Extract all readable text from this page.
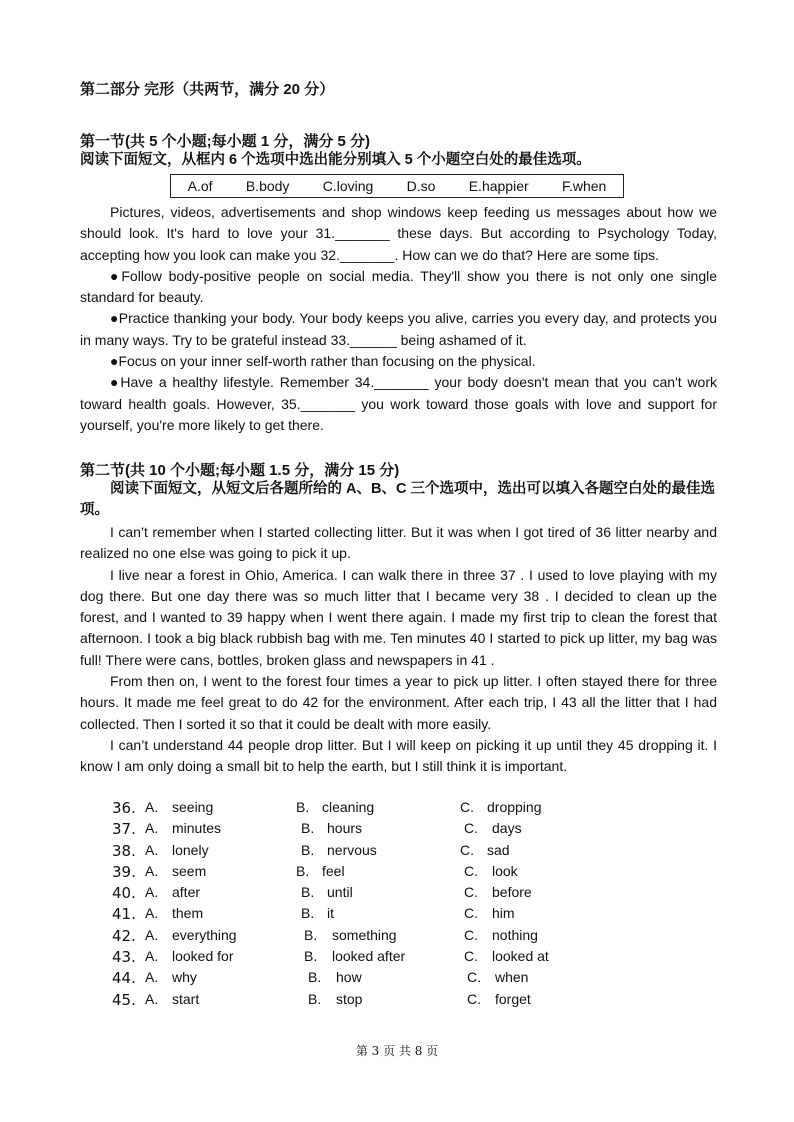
第二部分 完形（共两节，满分 20 分）
第一节(共 5 个小题;每小题 1 分，满分 5 分)
阅读下面短文，从框内 6 个选项中选出能分别填入 5 个小题空白处的最佳选项。
A.of B.body C.loving D.so E.happier F.when

Pictures, videos, advertisements and shop windows keep feeding us messages about how we should look. It's hard to love your 31._______ these days. But according to Psychology Today, accepting how you look can make you 32._______. How can we do that? Here are some tips.

●Follow body-positive people on social media. They'll show you there is not only one single standard for beauty.

●Practice thanking your body. Your body keeps you alive, carries you every day, and protects you in many ways. Try to be grateful instead 33.______ being ashamed of it.

●Focus on your inner self-worth rather than focusing on the physical.

●Have a healthy lifestyle. Remember 34._______ your body doesn't mean that you can't work toward health goals. However, 35._______ you work toward those goals with love and support for yourself, you're more likely to get there.

第二节(共 10 个小题;每小题 1.5 分，满分 15 分)
阅读下面短文，从短文后各题所给的 A、B、C 三个选项中，选出可以填入各题空白处的最佳选项。

I can’t remember when I started collecting litter. But it was when I got tired of 36 litter nearby and realized no one else was going to pick it up.

I live near a forest in Ohio, America. I can walk there in three 37 . I used to love playing with my dog there. But one day there was so much litter that I became very 38 . I decided to clean up the forest, and I wanted to 39 happy when I went there again. I made my first trip to clean the forest that afternoon. I took a big black rubbish bag with me. Ten minutes 40 I started to pick up litter, my bag was full! There were cans, bottles, broken glass and newspapers in 41 .

From then on, I went to the forest four times a year to pick up litter. I often stayed there for three hours. It made me feel great to do 42 for the environment. After each trip, I 43 all the litter that I had collected. Then I sorted it so that it could be dealt with more easily.

I can’t understand 44 people drop litter. But I will keep on picking it up until they 45 dropping it. I know I am only doing a small bit to help the earth, but I still think it is important.

36. A. seeing	B. cleaning	C. dropping
37. A. minutes	B. hours	C. days
38. A. lonely	B. nervous	C. sad
39. A. seem	B. feel	C. look
40. A. after	B. until	C. before
41. A. them	B. it	C. him
42. A. everything	B. something	C. nothing
43. A. looked for	B. looked after	C. looked at
44. A. why	B. how	C. when
45. A. start	B. stop	C. forget
第 3 页 共 8 页
